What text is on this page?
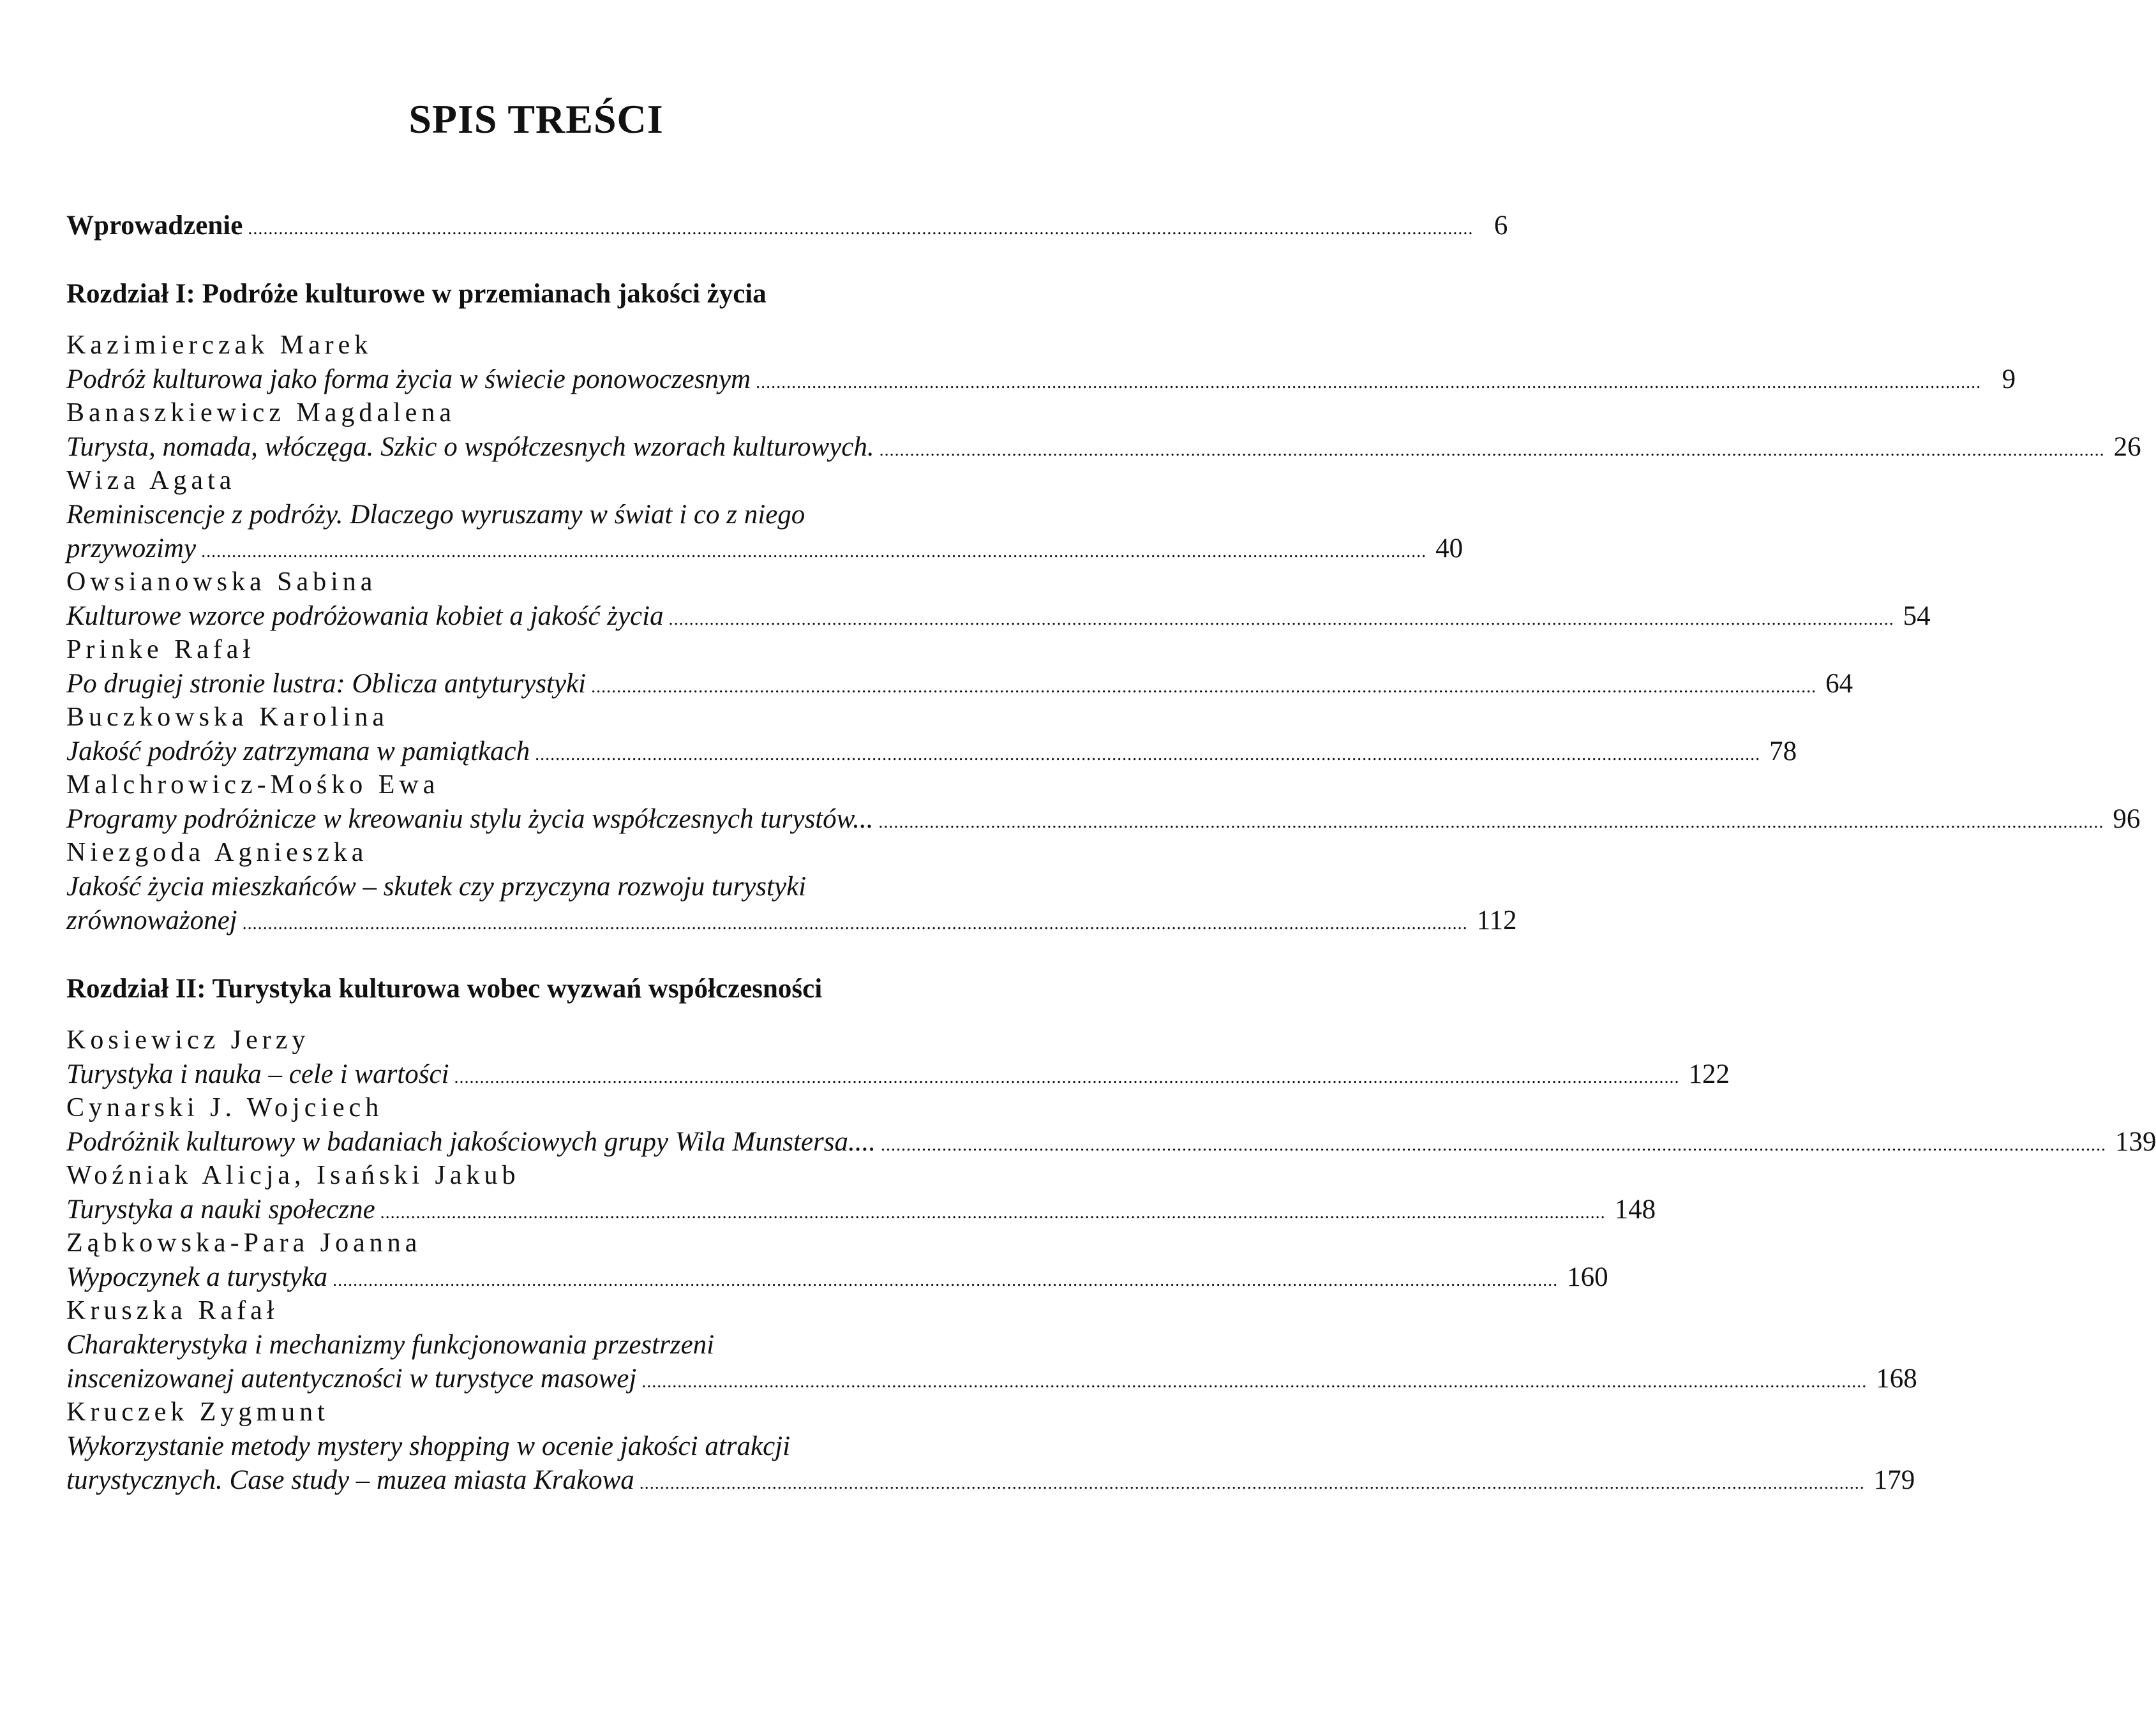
SPIS TREŚCI
Wprowadzenie ................................................................................................................................................................................................................................................ 6
Rozdział I: Podróże kulturowe w przemianach jakości życia
Kazimierczak Marek
Podróż kulturowa jako forma życia w świecie ponowoczesnym ................................................................................................................................................................................................................................................ 9
Banaszkiewicz Magdalena
Turysta, nomada, włóczęga. Szkic o współczesnych wzorach kulturowych. ................................................................................................................................................................................................................................................ 26
Wiza Agata
Reminiscencje z podróży. Dlaczego wyruszamy w świat i co z niego
przywozimy ................................................................................................................................................................................................................................................ 40
Owsianowska Sabina
Kulturowe wzorce podróżowania kobiet a jakość życia ................................................................................................................................................................................................................................................ 54
Prinke Rafał
Po drugiej stronie lustra: Oblicza antyturystyki ................................................................................................................................................................................................................................................ 64
Buczkowska Karolina
Jakość podróży zatrzymana w pamiątkach ................................................................................................................................................................................................................................................ 78
Malchrowicz-Mośko Ewa
Programy podróżnicze w kreowaniu stylu życia współczesnych turystów... ................................................................................................................................................................................................................................................ 96
Niezgoda Agnieszka
Jakość życia mieszkańców – skutek czy przyczyna rozwoju turystyki
zrównoważonej ................................................................................................................................................................................................................................................ 112
Rozdział II: Turystyka kulturowa wobec wyzwań współczesności
Kosiewicz Jerzy
Turystyka i nauka – cele i wartości ................................................................................................................................................................................................................................................ 122
Cynarski J. Wojciech
Podróżnik kulturowy w badaniach jakościowych grupy Wila Munstersa.... ................................................................................................................................................................................................................................................ 139
Woźniak Alicja, Isański Jakub
Turystyka a nauki społeczne ................................................................................................................................................................................................................................................ 148
Ząbkowska-Para Joanna
Wypoczynek a turystyka ................................................................................................................................................................................................................................................ 160
Kruszka Rafał
Charakterystyka i mechanizmy funkcjonowania przestrzeni
inscenizowanej autentyczności w turystyce masowej ................................................................................................................................................................................................................................................ 168
Kruczek Zygmunt
Wykorzystanie metody mystery shopping w ocenie jakości atrakcji
turystycznych. Case study – muzea miasta Krakowa ................................................................................................................................................................................................................................................ 179
